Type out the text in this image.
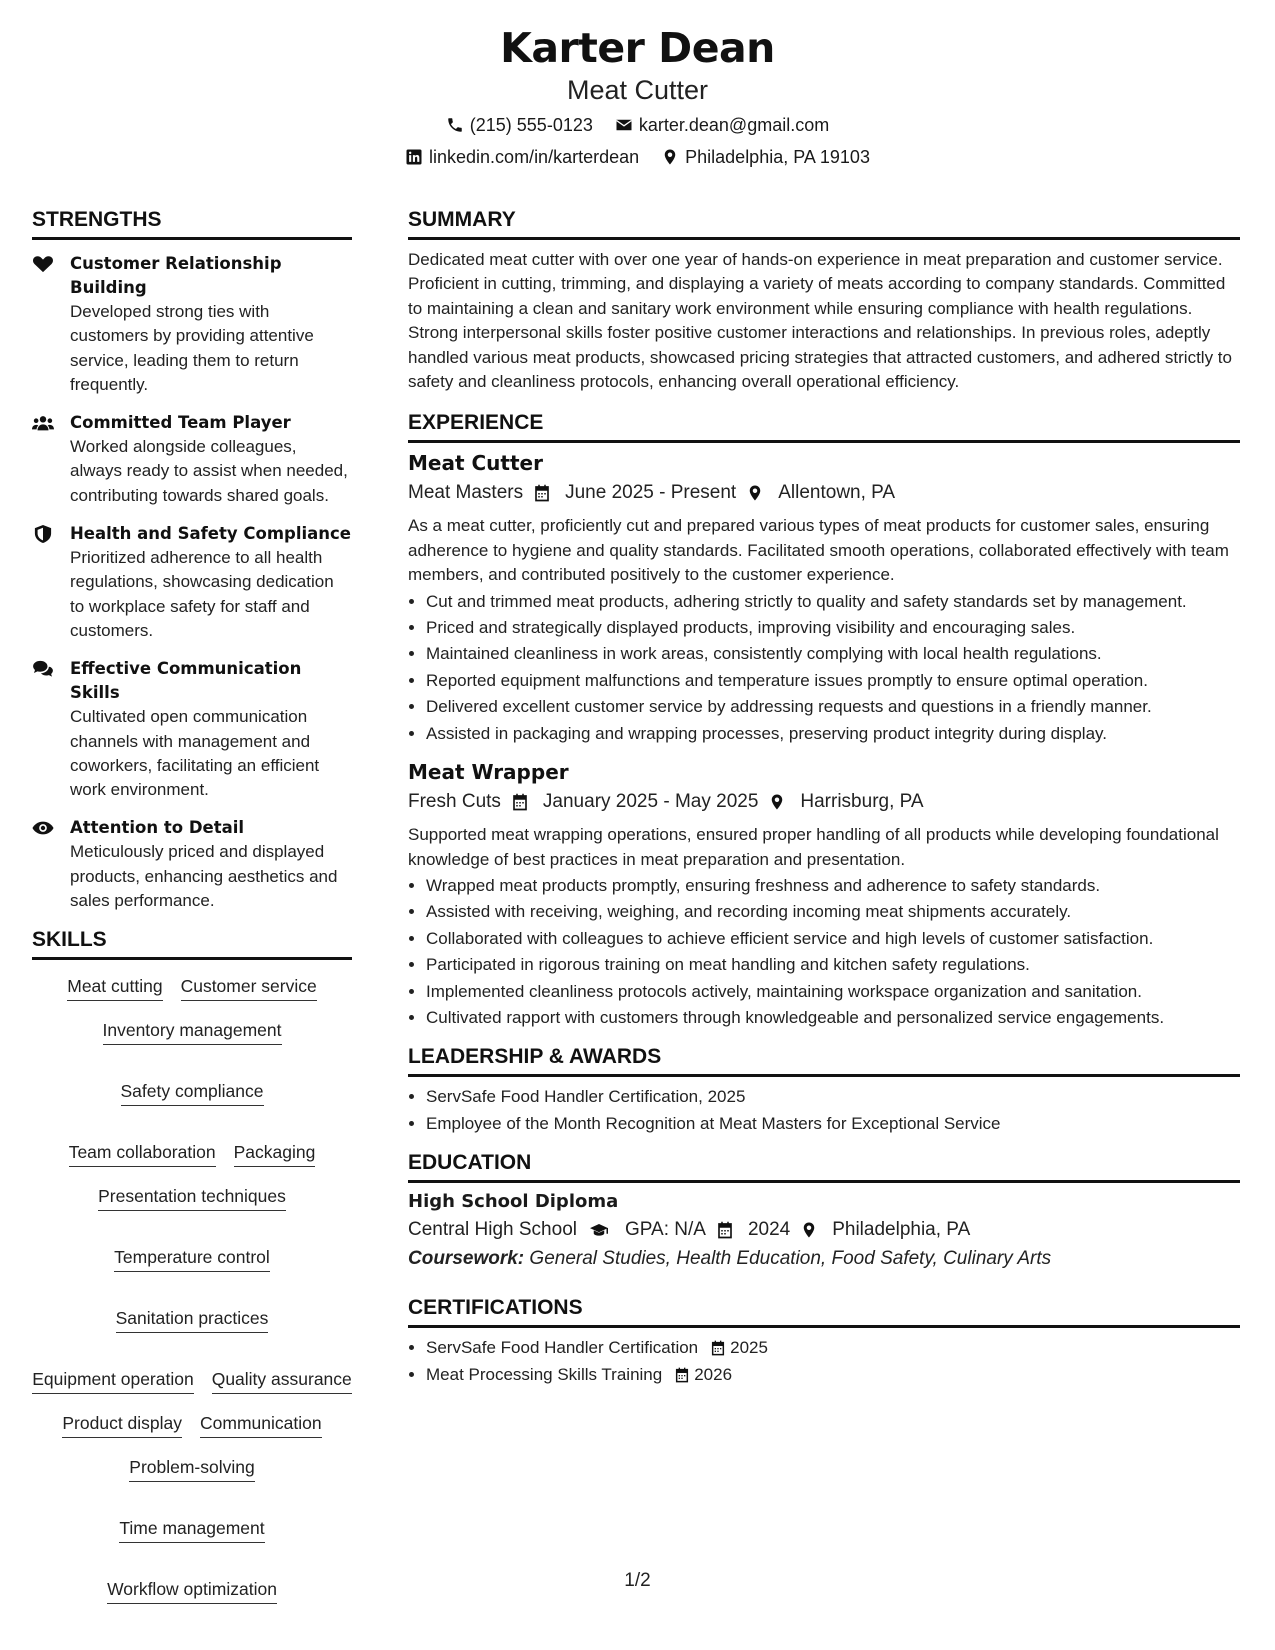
Karter Dean
Meat Cutter
(215) 555-0123	karter.dean@gmail.com
linkedin.com/in/karterdean	Philadelphia, PA 19103
STRENGTHS
Customer Relationship Building
Developed strong ties with customers by providing attentive service, leading them to return frequently.
Committed Team Player
Worked alongside colleagues, always ready to assist when needed, contributing towards shared goals.
Health and Safety Compliance
Prioritized adherence to all health regulations, showcasing dedication to workplace safety for staff and customers.
Effective Communication Skills
Cultivated open communication channels with management and coworkers, facilitating an efficient work environment.
Attention to Detail
Meticulously priced and displayed products, enhancing aesthetics and sales performance.
SKILLS
Meat cutting Customer service
Inventory management
Safety compliance
Team collaboration Packaging
Presentation techniques
Temperature control
Sanitation practices
Equipment operation Quality assurance
Product display Communication
Problem-solving
Time management
Workflow optimization
SUMMARY
Dedicated meat cutter with over one year of hands-on experience in meat preparation and customer service. Proficient in cutting, trimming, and displaying a variety of meats according to company standards. Committed to maintaining a clean and sanitary work environment while ensuring compliance with health regulations. Strong interpersonal skills foster positive customer interactions and relationships. In previous roles, adeptly handled various meat products, showcased pricing strategies that attracted customers, and adhered strictly to safety and cleanliness protocols, enhancing overall operational efficiency.
EXPERIENCE
Meat Cutter
Meat Masters June 2025 - Present Allentown, PA
As a meat cutter, proficiently cut and prepared various types of meat products for customer sales, ensuring adherence to hygiene and quality standards. Facilitated smooth operations, collaborated effectively with team members, and contributed positively to the customer experience.
• Cut and trimmed meat products, adhering strictly to quality and safety standards set by management.
• Priced and strategically displayed products, improving visibility and encouraging sales.
• Maintained cleanliness in work areas, consistently complying with local health regulations.
• Reported equipment malfunctions and temperature issues promptly to ensure optimal operation.
• Delivered excellent customer service by addressing requests and questions in a friendly manner.
• Assisted in packaging and wrapping processes, preserving product integrity during display.
Meat Wrapper
Fresh Cuts January 2025 - May 2025 Harrisburg, PA
Supported meat wrapping operations, ensured proper handling of all products while developing foundational knowledge of best practices in meat preparation and presentation.
• Wrapped meat products promptly, ensuring freshness and adherence to safety standards.
• Assisted with receiving, weighing, and recording incoming meat shipments accurately.
• Collaborated with colleagues to achieve efficient service and high levels of customer satisfaction.
• Participated in rigorous training on meat handling and kitchen safety regulations.
• Implemented cleanliness protocols actively, maintaining workspace organization and sanitation.
• Cultivated rapport with customers through knowledgeable and personalized service engagements.
LEADERSHIP & AWARDS
• ServSafe Food Handler Certification, 2025
• Employee of the Month Recognition at Meat Masters for Exceptional Service
EDUCATION
High School Diploma
Central High School	GPA: N/A 2024 Philadelphia, PA
Coursework: General Studies, Health Education, Food Safety, Culinary Arts
CERTIFICATIONS
• ServSafe Food Handler Certification 2025
• Meat Processing Skills Training 2026
1/2
